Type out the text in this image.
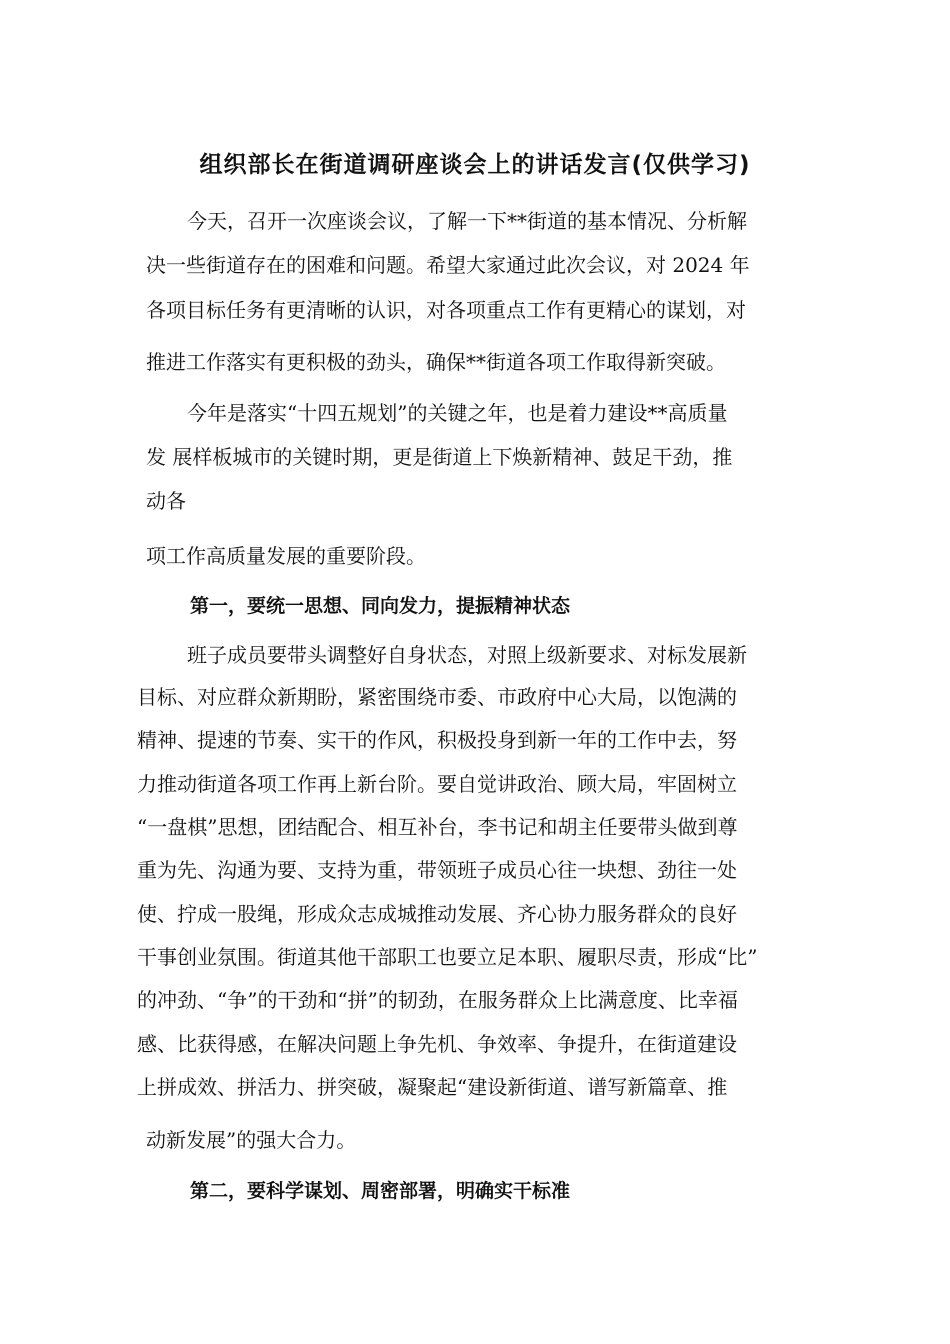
组织部长在街道调研座谈会上的讲话发言(仅供学习)
今天，召开一次座谈会议，了解一下**街道的基本情况、分析解
决一些街道存在的困难和问题。希望大家通过此次会议，对 2024 年
各项目标任务有更清晰的认识，对各项重点工作有更精心的谋划，对
推进工作落实有更积极的劲头，确保**街道各项工作取得新突破。
今年是落实“十四五规划”的关键之年，也是着力建设**高质量
发 展样板城市的关键时期，更是街道上下焕新精神、鼓足干劲，推
动各
项工作高质量发展的重要阶段。
第一，要统一思想、同向发力，提振精神状态
班子成员要带头调整好自身状态，对照上级新要求、对标发展新
目标、对应群众新期盼，紧密围绕市委、市政府中心大局，以饱满的
精神、提速的节奏、实干的作风，积极投身到新一年的工作中去，努
力推动街道各项工作再上新台阶。要自觉讲政治、顾大局，牢固树立
“一盘棋”思想，团结配合、相互补台，李书记和胡主任要带头做到尊
重为先、沟通为要、支持为重，带领班子成员心往一块想、劲往一处
使、拧成一股绳，形成众志成城推动发展、齐心协力服务群众的良好
干事创业氛围。街道其他干部职工也要立足本职、履职尽责，形成“比”
的冲劲、“争”的干劲和“拼”的韧劲，在服务群众上比满意度、比幸福
感、比获得感，在解决问题上争先机、争效率、争提升，在街道建设
上拼成效、拼活力、拼突破，凝聚起“建设新街道、谱写新篇章、推
动新发展”的强大合力。
第二，要科学谋划、周密部署，明确实干标准
